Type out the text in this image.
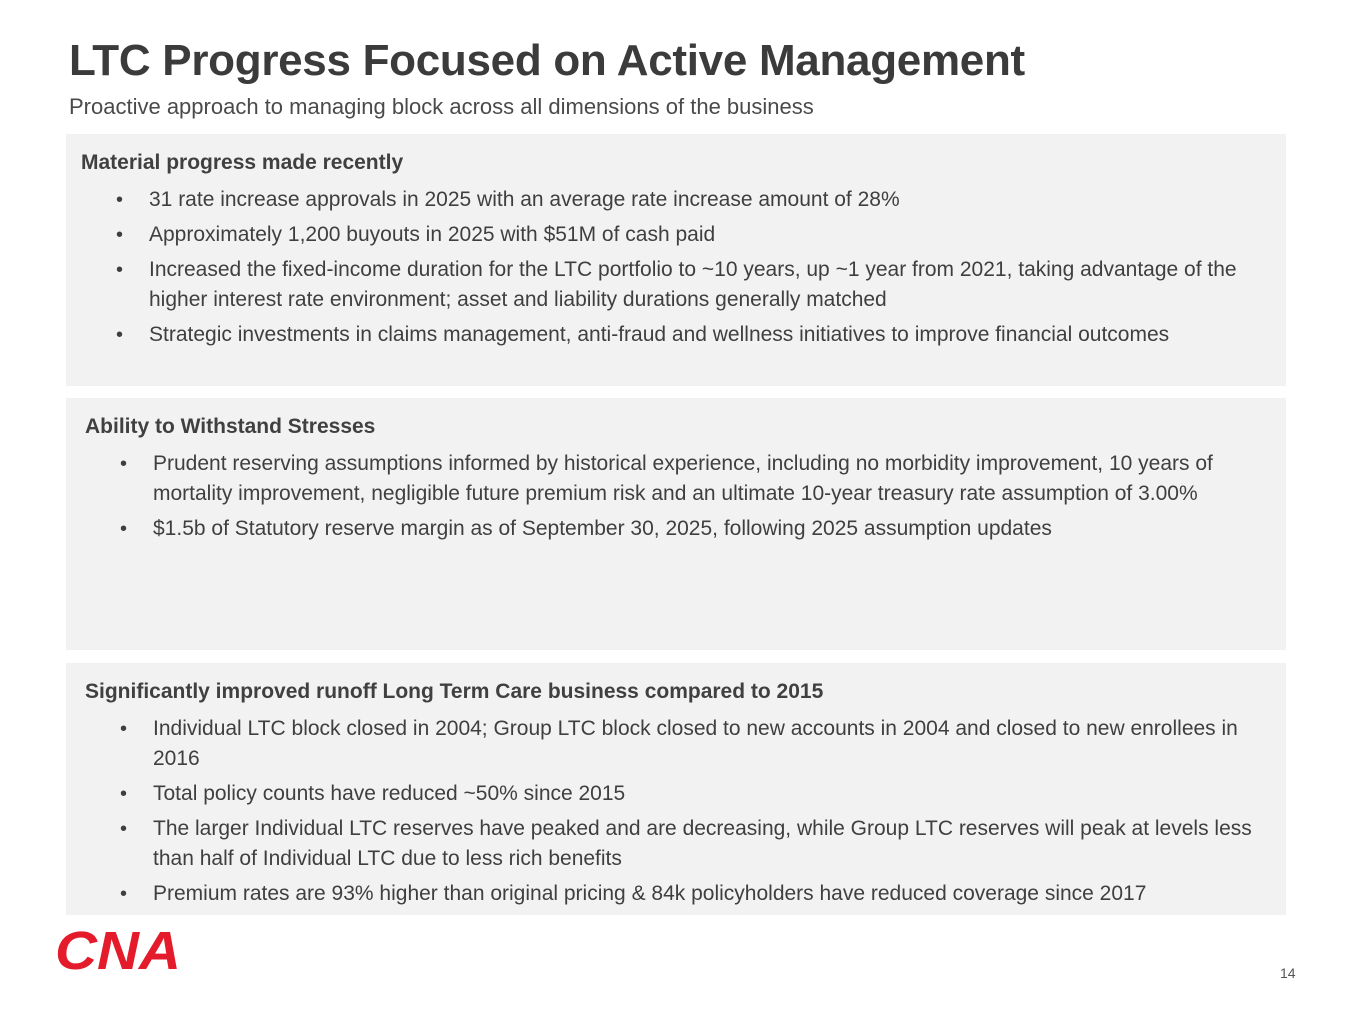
LTC Progress Focused on Active Management
Proactive approach to managing block across all dimensions of the business
Material progress made recently
• 31 rate increase approvals in 2025 with an average rate increase amount of 28%
• Approximately 1,200 buyouts in 2025 with $51M of cash paid
• Increased the fixed-income duration for the LTC portfolio to ~10 years, up ~1 year from 2021, taking advantage of the higher interest rate environment; asset and liability durations generally matched
• Strategic investments in claims management, anti-fraud and wellness initiatives to improve financial outcomes
Ability to Withstand Stresses
• Prudent reserving assumptions informed by historical experience, including no morbidity improvement, 10 years of mortality improvement, negligible future premium risk and an ultimate 10-year treasury rate assumption of 3.00%
• $1.5b of Statutory reserve margin as of September 30, 2025, following 2025 assumption updates
Significantly improved runoff Long Term Care business compared to 2015
• Individual LTC block closed in 2004; Group LTC block closed to new accounts in 2004 and closed to new enrollees in 2016
• Total policy counts have reduced ~50% since 2015
• The larger Individual LTC reserves have peaked and are decreasing, while Group LTC reserves will peak at levels less than half of Individual LTC due to less rich benefits
• Premium rates are 93% higher than original pricing & 84k policyholders have reduced coverage since 2017
CNA	14
